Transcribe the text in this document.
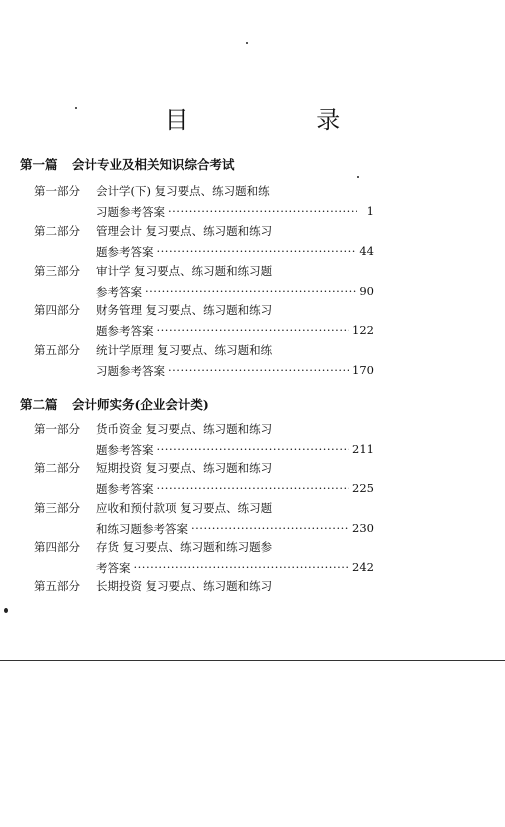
目 录
第一篇 会计专业及相关知识综合考试
第一部分 会计学(下) 复习要点、练习题和练
习题参考答案 ·····	1
第二部分 管理会计 复习要点、练习题和练习
题参考答案 ·····	44
第三部分 审计学 复习要点、练习题和练习题
参考答案 ·····	90
第四部分 财务管理 复习要点、练习题和练习
题参考答案 ·····	122
第五部分 统计学原理 复习要点、练习题和练
习题参考答案 ·····	170
第二篇 会计师实务(企业会计类)
第一部分 货币资金 复习要点、练习题和练习
题参考答案 ·····	211
第二部分 短期投资 复习要点、练习题和练习
题参考答案 ·····	225
第三部分 应收和预付款项 复习要点、练习题
和练习题参考答案 ·····	230
第四部分 存货 复习要点、练习题和练习题参
考答案 ·····	242
第五部分 长期投资 复习要点、练习题和练习
